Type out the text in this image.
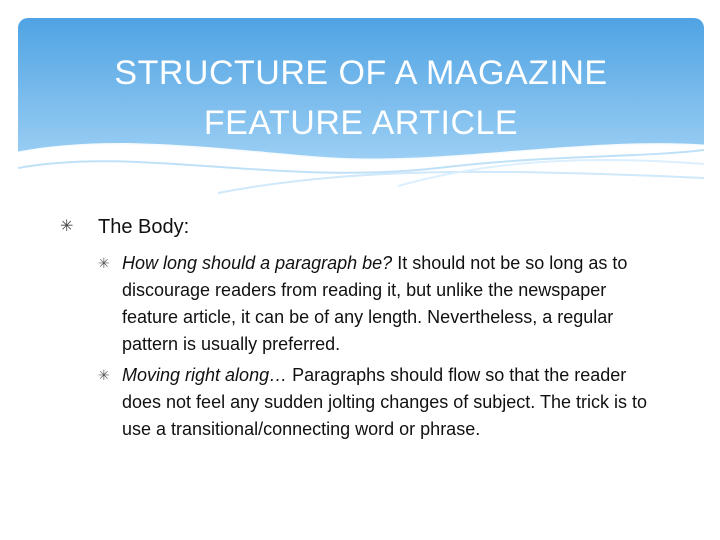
STRUCTURE OF A MAGAZINE
FEATURE ARTICLE
✳ The Body:
✳ How long should a paragraph be? It should not be so long as to discourage readers from reading it, but unlike the newspaper feature article, it can be of any length. Nevertheless, a regular pattern is usually preferred.
✳ Moving right along… Paragraphs should flow so that the reader does not feel any sudden jolting changes of subject. The trick is to use a transitional/connecting word or phrase.
